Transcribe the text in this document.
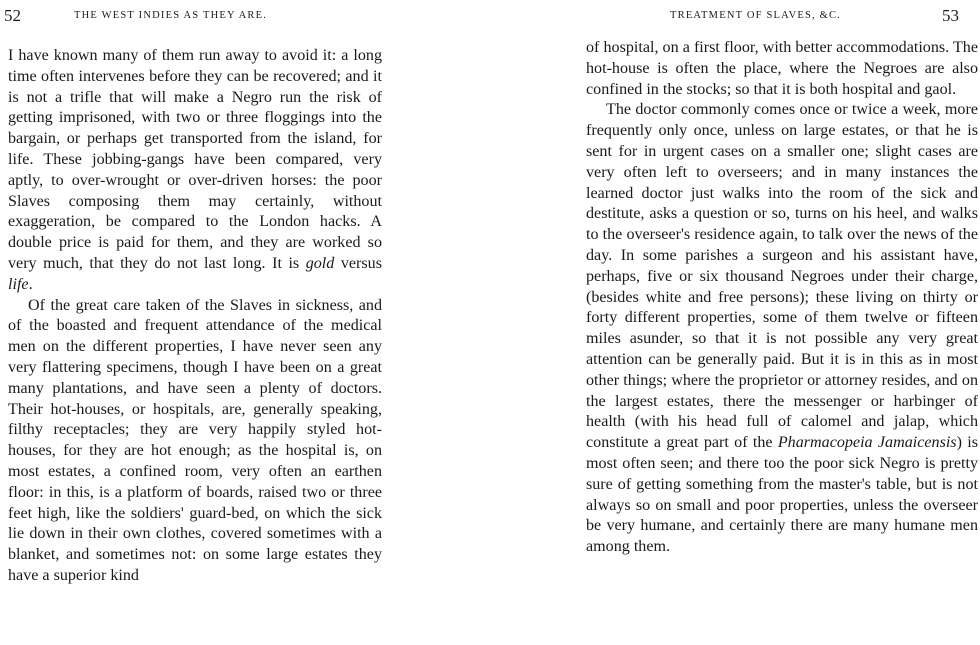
52	THE WEST INDIES AS THEY ARE.

I have known many of them run away to avoid it: a long time often intervenes before they can be recovered; and it is not a trifle that will make a Negro run the risk of getting imprisoned, with two or three floggings into the bargain, or perhaps get transported from the island, for life. These jobbing-gangs have been compared, very aptly, to over-wrought or over-driven horses: the poor Slaves composing them may certainly, without exaggeration, be compared to the London hacks. A double price is paid for them, and they are worked so very much, that they do not last long. It is gold versus life.

Of the great care taken of the Slaves in sickness, and of the boasted and frequent attendance of the medical men on the different properties, I have never seen any very flattering specimens, though I have been on a great many plantations, and have seen a plenty of doctors. Their hot-houses, or hospitals, are, generally speaking, filthy receptacles; they are very happily styled hot-houses, for they are hot enough; as the hospital is, on most estates, a confined room, very often an earthen floor: in this, is a platform of boards, raised two or three feet high, like the soldiers' guard-bed, on which the sick lie down in their own clothes, covered sometimes with a blanket, and sometimes not: on some large estates they have a superior kind

TREATMENT OF SLAVES, &C.	53

of hospital, on a first floor, with better accommodations. The hot-house is often the place, where the Negroes are also confined in the stocks; so that it is both hospital and gaol.

The doctor commonly comes once or twice a week, more frequently only once, unless on large estates, or that he is sent for in urgent cases on a smaller one; slight cases are very often left to overseers; and in many instances the learned doctor just walks into the room of the sick and destitute, asks a question or so, turns on his heel, and walks to the overseer's residence again, to talk over the news of the day. In some parishes a surgeon and his assistant have, perhaps, five or six thousand Negroes under their charge, (besides white and free persons); these living on thirty or forty different properties, some of them twelve or fifteen miles asunder, so that it is not possible any very great attention can be generally paid. But it is in this as in most other things; where the proprietor or attorney resides, and on the largest estates, there the messenger or harbinger of health (with his head full of calomel and jalap, which constitute a great part of the Pharmacopeia Jamaicensis) is most often seen; and there too the poor sick Negro is pretty sure of getting something from the master's table, but is not always so on small and poor properties, unless the overseer be very humane, and certainly there are many humane men among them.
